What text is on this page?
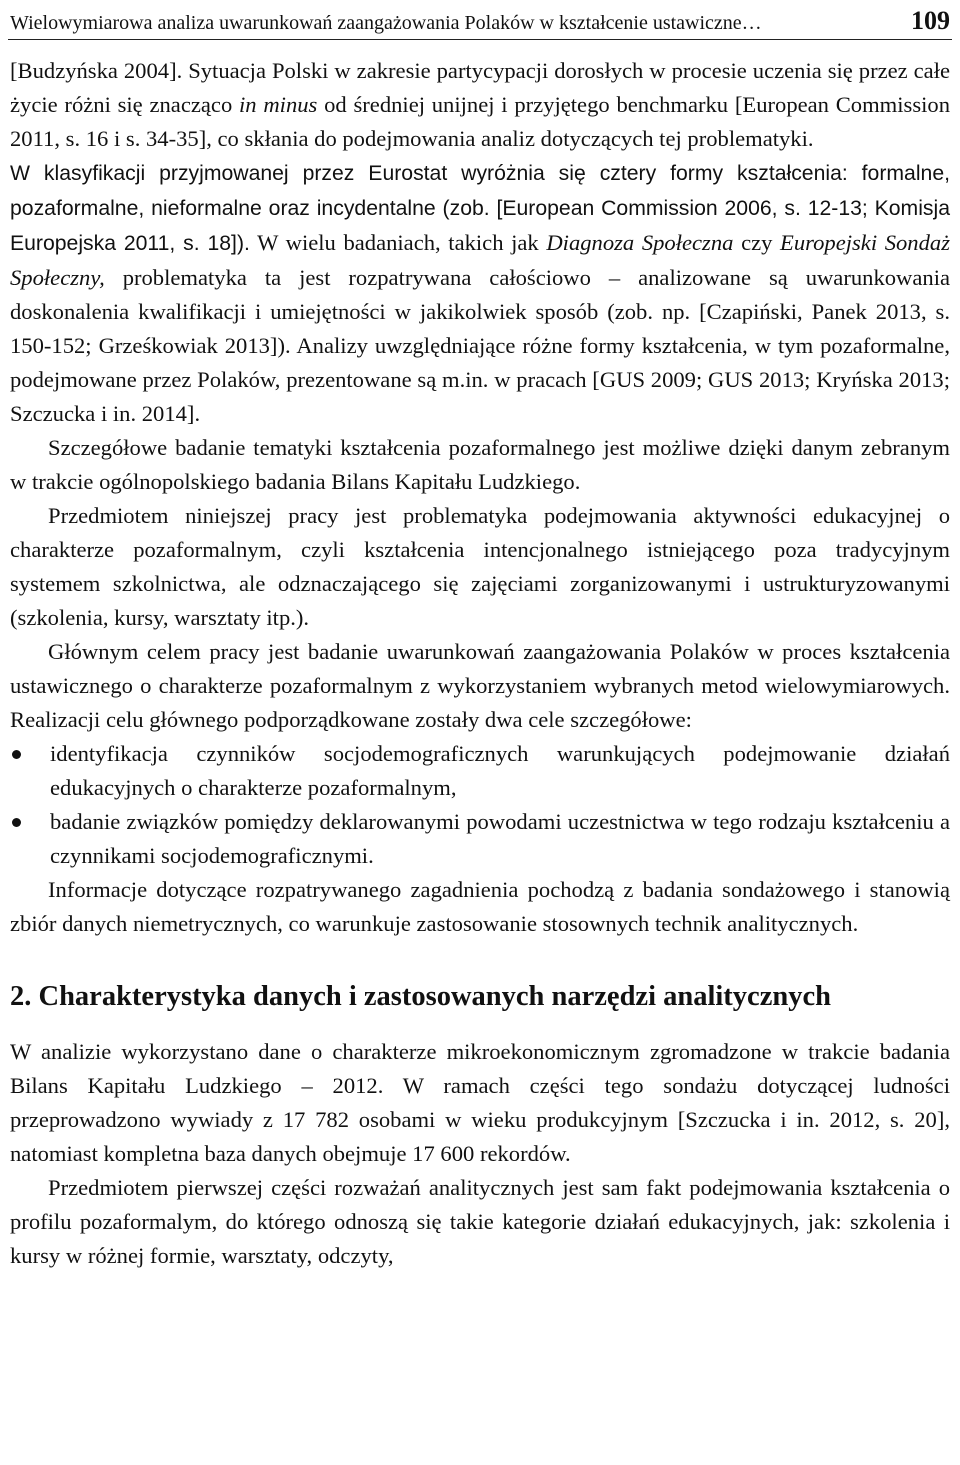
Wielowymiarowa analiza uwarunkowań zaangażowania Polaków w kształcenie ustawiczne…	109

[Budzyńska 2004]. Sytuacja Polski w zakresie partycypacji dorosłych w procesie uczenia się przez całe życie różni się znacząco in minus od średniej unijnej i przyjętego benchmarku [European Commission 2011, s. 16 i s. 34-35], co skłania do podejmowania analiz dotyczących tej problematyki.

W klasyfikacji przyjmowanej przez Eurostat wyróżnia się cztery formy kształcenia: formalne, pozaformalne, nieformalne oraz incydentalne (zob. [European Commission 2006, s. 12-13; Komisja Europejska 2011, s. 18]). W wielu badaniach, takich jak Diagnoza Społeczna czy Europejski Sondaż Społeczny, problematyka ta jest rozpatrywana całościowo – analizowane są uwarunkowania doskonalenia kwalifikacji i umiejętności w jakikolwiek sposób (zob. np. [Czapiński, Panek 2013, s. 150-152; Grześkowiak 2013]). Analizy uwzględniające różne formy kształcenia, w tym pozaformalne, podejmowane przez Polaków, prezentowane są m.in. w pracach [GUS 2009; GUS 2013; Kryńska 2013; Szczucka i in. 2014].

Szczegółowe badanie tematyki kształcenia pozaformalnego jest możliwe dzięki danym zebranym w trakcie ogólnopolskiego badania Bilans Kapitału Ludzkiego.

Przedmiotem niniejszej pracy jest problematyka podejmowania aktywności edukacyjnej o charakterze pozaformalnym, czyli kształcenia intencjonalnego istniejącego poza tradycyjnym systemem szkolnictwa, ale odznaczającego się zajęciami zorganizowanymi i ustrukturyzowanymi (szkolenia, kursy, warsztaty itp.).

Głównym celem pracy jest badanie uwarunkowań zaangażowania Polaków w proces kształcenia ustawicznego o charakterze pozaformalnym z wykorzystaniem wybranych metod wielowymiarowych. Realizacji celu głównego podporządkowane zostały dwa cele szczegółowe:

identyfikacja czynników socjodemograficznych warunkujących podejmowanie działań edukacyjnych o charakterze pozaformalnym,
badanie związków pomiędzy deklarowanymi powodami uczestnictwa w tego rodzaju kształceniu a czynnikami socjodemograficznymi.

Informacje dotyczące rozpatrywanego zagadnienia pochodzą z badania sondażowego i stanowią zbiór danych niemetrycznych, co warunkuje zastosowanie stosownych technik analitycznych.

2. Charakterystyka danych i zastosowanych narzędzi analitycznych

W analizie wykorzystano dane o charakterze mikroekonomicznym zgromadzone w trakcie badania Bilans Kapitału Ludzkiego – 2012. W ramach części tego sondażu dotyczącej ludności przeprowadzono wywiady z 17 782 osobami w wieku produkcyjnym [Szczucka i in. 2012, s. 20], natomiast kompletna baza danych obejmuje 17 600 rekordów.

Przedmiotem pierwszej części rozważań analitycznych jest sam fakt podejmowania kształcenia o profilu pozaformalym, do którego odnoszą się takie kategorie działań edukacyjnych, jak: szkolenia i kursy w różnej formie, warsztaty, odczyty,
